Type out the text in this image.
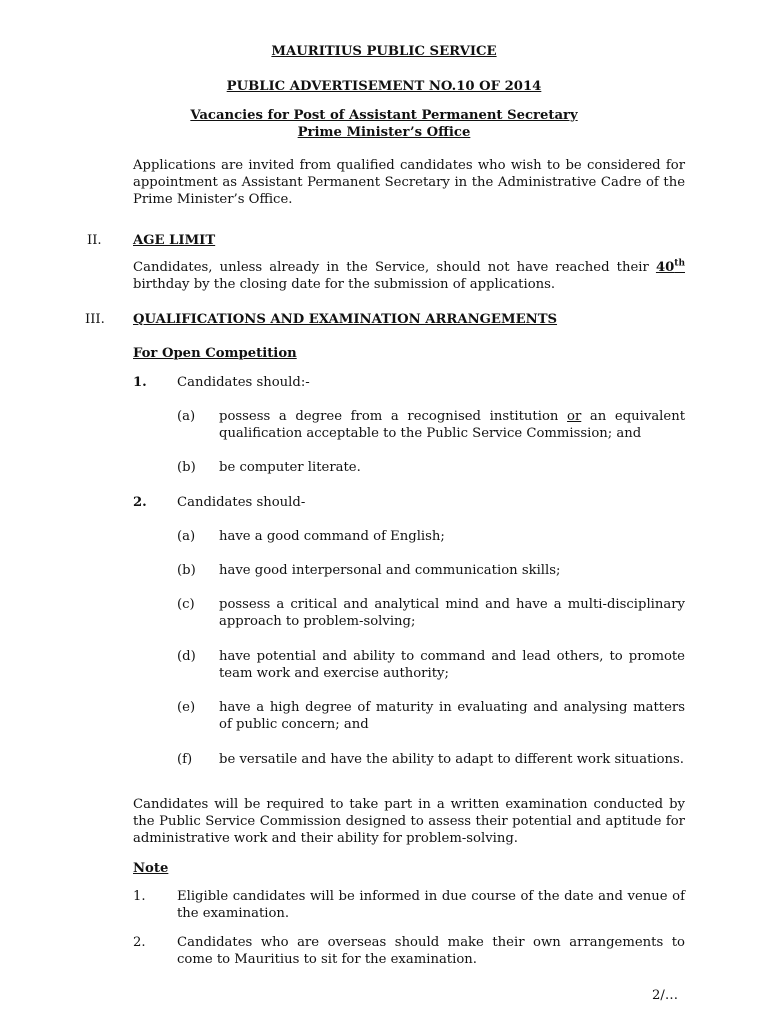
MAURITIUS PUBLIC SERVICE
PUBLIC ADVERTISEMENT NO.10 OF 2014
Vacancies for Post of Assistant Permanent Secretary
Prime Minister’s Office
Applications are invited from qualified candidates who wish to be considered for appointment as Assistant Permanent Secretary in the Administrative Cadre of the Prime Minister’s Office.
II. AGE LIMIT
Candidates, unless already in the Service, should not have reached their 40th
birthday by the closing date for the submission of applications.
III. QUALIFICATIONS AND EXAMINATION ARRANGEMENTS
For Open Competition
1. Candidates should:-
(a) possess a degree from a recognised institution or an equivalent qualification acceptable to the Public Service Commission; and
(b) be computer literate.
2. Candidates should-
(a) have a good command of English;
(b) have good interpersonal and communication skills;
(c) possess a critical and analytical mind and have a multi-disciplinary approach to problem-solving;
(d) have potential and ability to command and lead others, to promote team work and exercise authority;
(e) have a high degree of maturity in evaluating and analysing matters of public concern; and
(f) be versatile and have the ability to adapt to different work situations.
Candidates will be required to take part in a written examination conducted by the Public Service Commission designed to assess their potential and aptitude for administrative work and their ability for problem-solving.
Note
1. Eligible candidates will be informed in due course of the date and venue of the examination.
2. Candidates who are overseas should make their own arrangements to come to Mauritius to sit for the examination.
2/…
